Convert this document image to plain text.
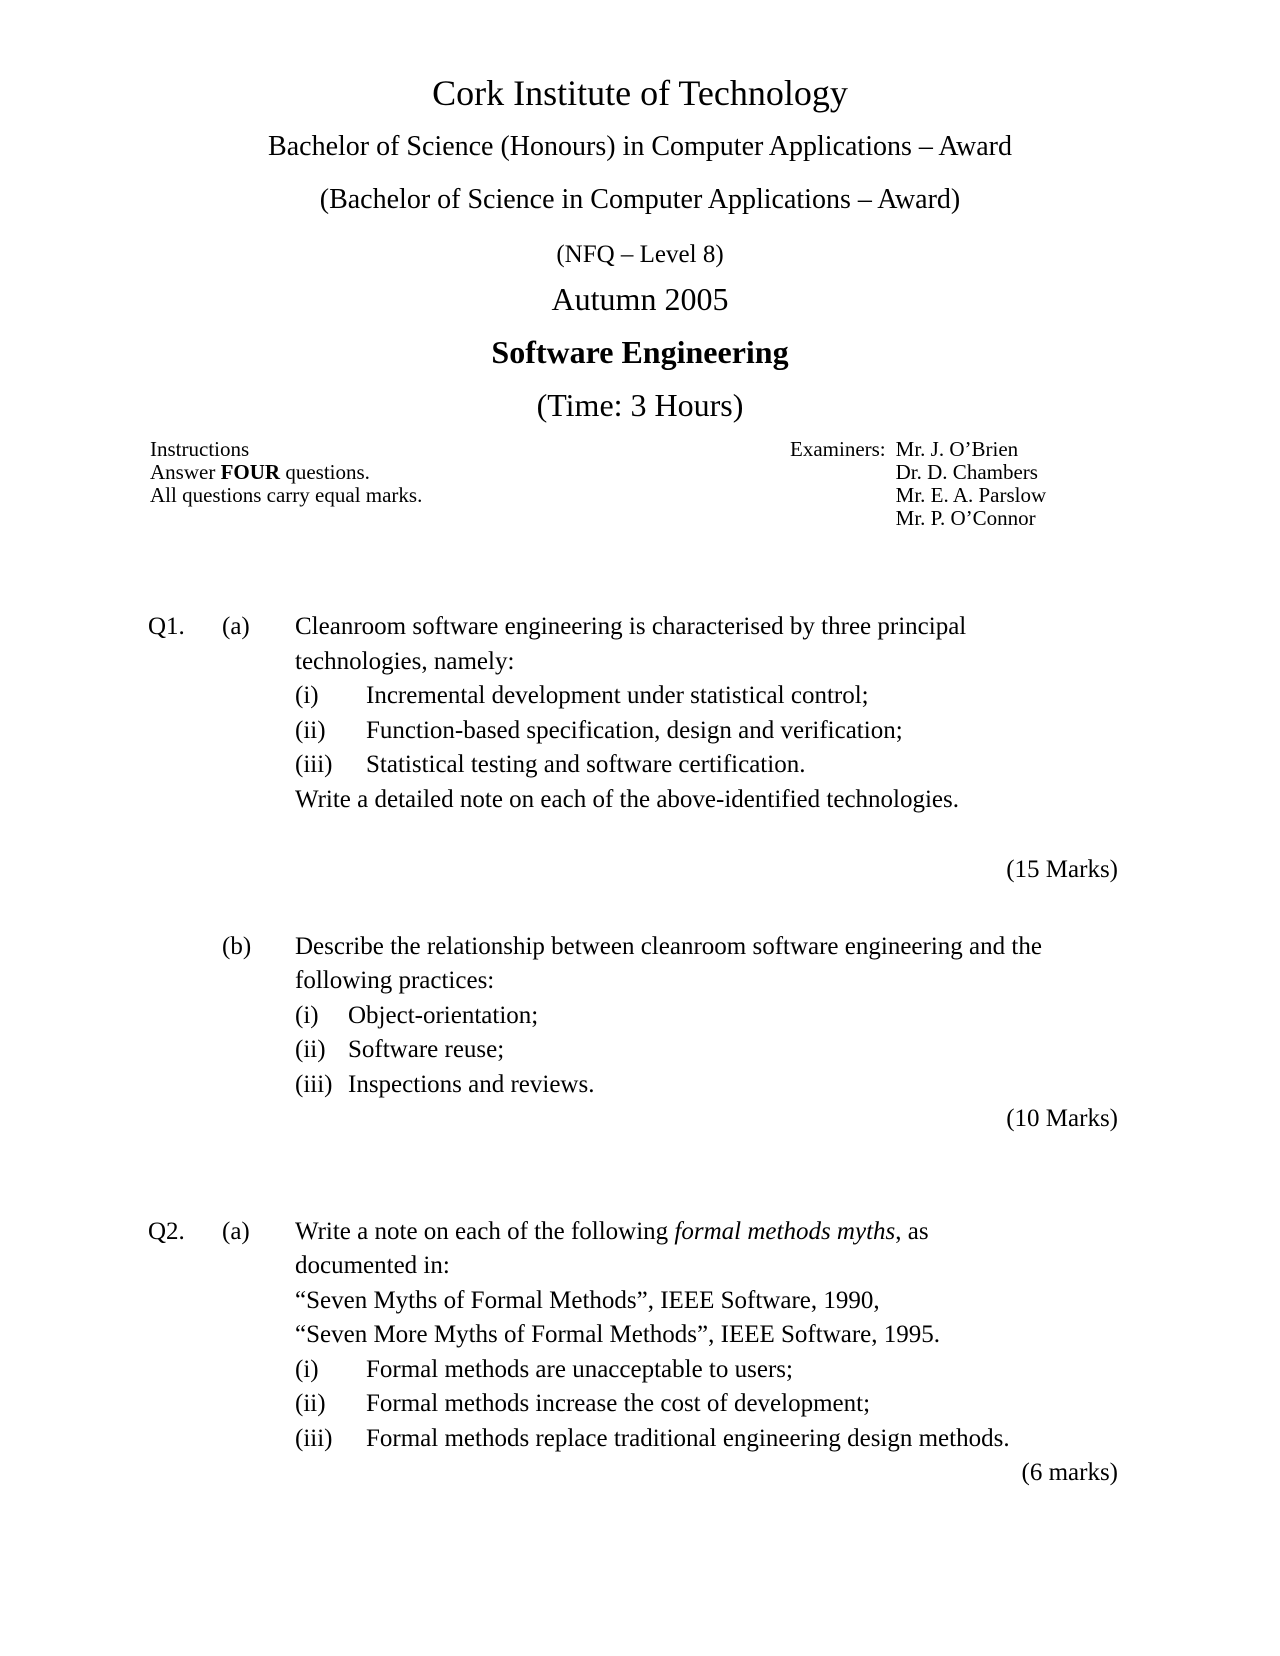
Cork Institute of Technology
Bachelor of Science (Honours) in Computer Applications – Award
(Bachelor of Science in Computer Applications – Award)
(NFQ – Level 8)
Autumn 2005
Software Engineering
(Time: 3 Hours)
Instructions
Answer FOUR questions.
All questions carry equal marks.
Examiners: Mr. J. O’Brien
Dr. D. Chambers
Mr. E. A. Parslow
Mr. P. O’Connor
Q1.	(a)	Cleanroom software engineering is characterised by three principal
technologies, namely:
(i)	Incremental development under statistical control;
(ii)	Function-based specification, design and verification;
(iii)	Statistical testing and software certification.
Write a detailed note on each of the above-identified technologies.
(15 Marks)
(b)	Describe the relationship between cleanroom software engineering and the
following practices:
(i)	Object-orientation;
(ii) Software reuse;
(iii) Inspections and reviews.
(10 Marks)
Q2.	(a)	Write a note on each of the following formal methods myths, as
documented in:
“Seven Myths of Formal Methods”, IEEE Software, 1990,
“Seven More Myths of Formal Methods”, IEEE Software, 1995.
(i)	Formal methods are unacceptable to users;
(ii)	Formal methods increase the cost of development;
(iii)	Formal methods replace traditional engineering design methods.
(6 marks)
